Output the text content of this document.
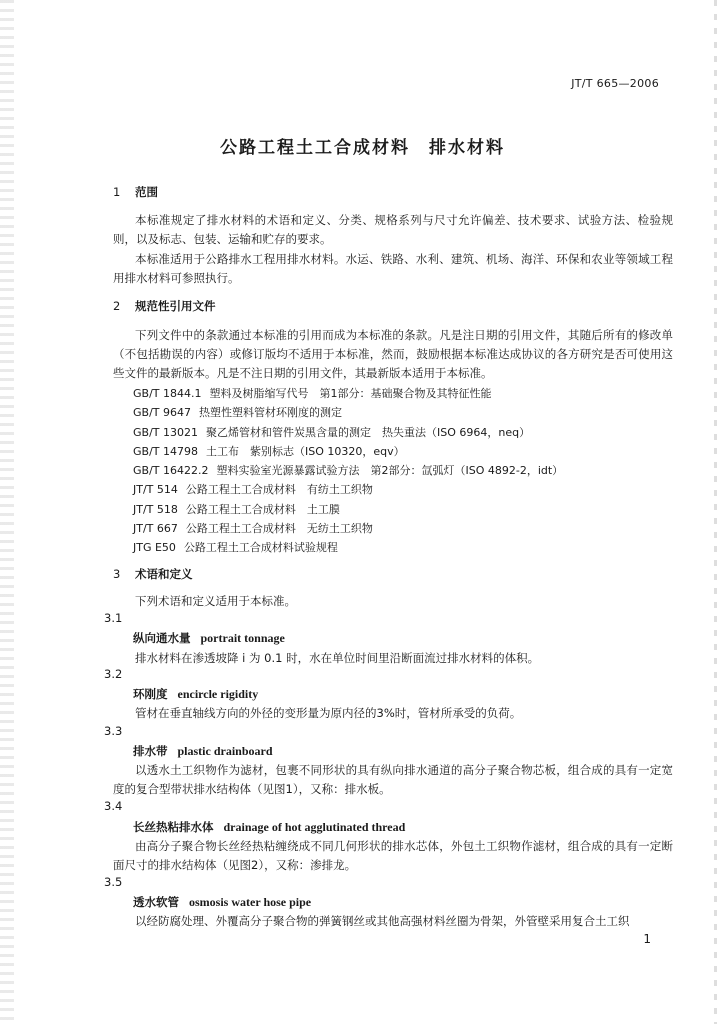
JT/T 665—2006
公路工程土工合成材料　排水材料
1 范围

本标准规定了排水材料的术语和定义、分类、规格系列与尺寸允许偏差、技术要求、试验方法、检验规则，以及标志、包装、运输和贮存的要求。

本标准适用于公路排水工程用排水材料。水运、铁路、水利、建筑、机场、海洋、环保和农业等领域工程用排水材料可参照执行。

2 规范性引用文件

下列文件中的条款通过本标准的引用而成为本标准的条款。凡是注日期的引用文件，其随后所有的修改单（不包括勘误的内容）或修订版均不适用于本标准，然而，鼓励根据本标准达成协议的各方研究是否可使用这些文件的最新版本。凡是不注日期的引用文件，其最新版本适用于本标准。

GB/T 1844.1 塑料及树脂缩写代号　第1部分：基础聚合物及其特征性能
GB/T 9647 热塑性塑料管材环刚度的测定
GB/T 13021 聚乙烯管材和管件炭黑含量的测定　热失重法（ISO 6964，neq）
GB/T 14798 土工布　紫别标志（ISO 10320，eqv）
GB/T 16422.2 塑料实验室光源暴露试验方法　第2部分：氙弧灯（ISO 4892-2，idt）
JT/T 514 公路工程土工合成材料　有纺土工织物
JT/T 518 公路工程土工合成材料　土工膜
JT/T 667 公路工程土工合成材料　无纺土工织物
JTG E50 公路工程土工合成材料试验规程
3 术语和定义

下列术语和定义适用于本标准。

3.1
纵向通水量 portrait tonnage

排水材料在渗透坡降 i 为 0.1 时，水在单位时间里沿断面流过排水材料的体积。

3.2
环刚度 encircle rigidity

管材在垂直轴线方向的外径的变形量为原内径的3%时，管材所承受的负荷。

3.3
排水带 plastic drainboard

以透水土工织物作为滤材，包裹不同形状的具有纵向排水通道的高分子聚合物芯板，组合成的具有一定宽度的复合型带状排水结构体（见图1），又称：排水板。

3.4
长丝热粘排水体 drainage of hot agglutinated thread

由高分子聚合物长丝经热粘缠绕成不同几何形状的排水芯体，外包土工织物作滤材，组合成的具有一定断面尺寸的排水结构体（见图2），又称：渗排龙。

3.5
透水软管 osmosis water hose pipe

以经防腐处理、外覆高分子聚合物的弹簧钢丝或其他高强材料丝圈为骨架，外管壁采用复合土工织

1
